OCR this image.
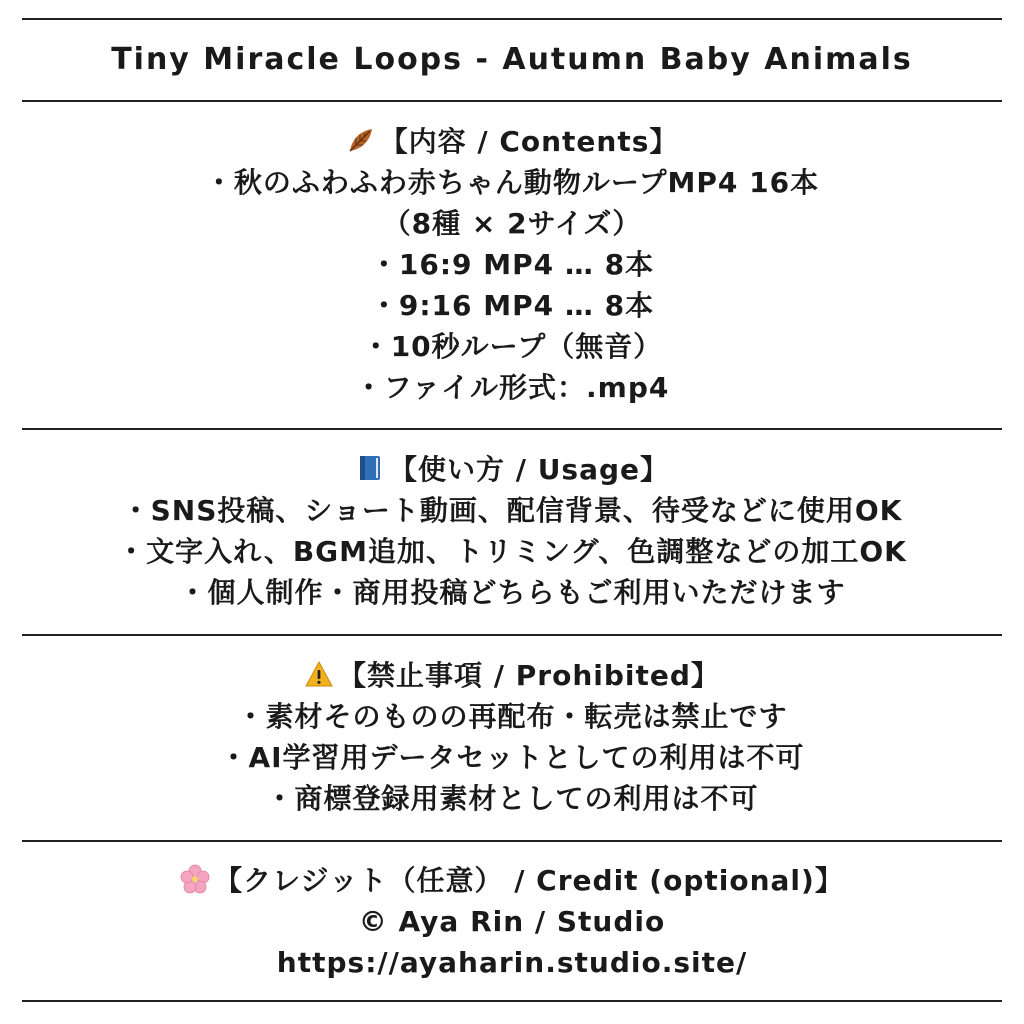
Tiny Miracle Loops - Autumn Baby Animals
【内容 / Contents】
・秋のふわふわ赤ちゃん動物ループMP4 16本
（8種 × 2サイズ）
・16:9 MP4 … 8本
・9:16 MP4 … 8本
・10秒ループ（無音）
・ファイル形式：.mp4
【使い方 / Usage】
・SNS投稿、ショート動画、配信背景、待受などに使用OK
・文字入れ、BGM追加、トリミング、色調整などの加工OK
・個人制作・商用投稿どちらもご利用いただけます
【禁止事項 / Prohibited】
・素材そのものの再配布・転売は禁止です
・AI学習用データセットとしての利用は不可
・商標登録用素材としての利用は不可
【クレジット（任意） / Credit (optional)】
© Aya Rin / Studio
https://ayaharin.studio.site/
